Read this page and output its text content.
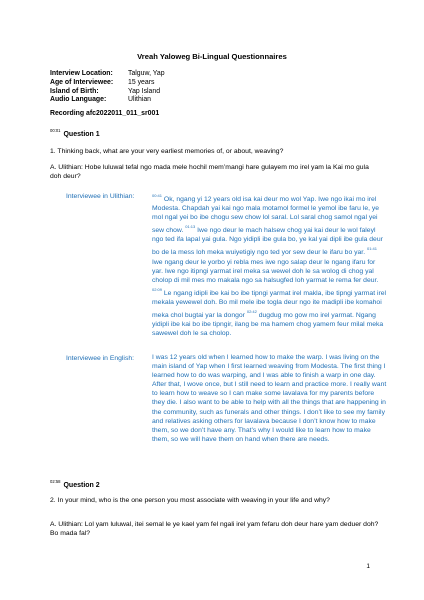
Vreah Yaloweg Bi-Lingual Questionnaires
Interview Location:	Talguw, Yap
Age of Interviewee:	15 years
Island of Birth:	Yap Island
Audio Language:	Ulithian
Recording afc2022011_011_sr001
$^{00:01}$Question 1
1. Thinking back, what are your very earliest memories of, or about, weaving?
A. Ulithian: Hobe luluwal tefal ngo mada mele hochil mem’mangi hare gulayem mo irel yam la Kai mo gula doh deur?
Interviewee in Ulithian:	$^{00:41}$ Ok, ngang yi 12 years old isa kai deur mo wol Yap. Iwe ngo ikai mo irel Modesta. Chapdah yai kai ngo mala motamol formel le yemol ibe faru le, ye mol ngal yei bo ibe chogu sew chow lol saral. Lol saral chog samol ngal yei sew chow. $^{01:13}$ Iwe ngo deur le mach halsew chog yai kai deur le wol faleyl ngo ted ifa lapal yai gula. Ngo yidipli ibe gula bo, ye kal yai dipli ibe gula deur bo de la mess loh meka wuiyetigiy ngo ted yor sew deur le ifaru bo yar. $^{01:41}$ Iwe ngang deur le yorbo yi rebla mes iwe ngo salap deur le ngang ifaru for yar. Iwe ngo itipngi yarmat irel meka sa wewel doh le sa wolog di chog yal cholop di mil mes mo makala ngo sa halsugfed loh yarmat le rema fer deur. $^{02:09}$ Le ngang idipli ibe kai bo ibe tipngi yarmat irel makla, ibe tipngi yarmat irel mekala yewewel doh. Bo mil mele ibe togla deur ngo ite madipli ibe komahoi meka chol bugtai yar la dongor $^{02:42}$ dugdug mo gow mo irel yarmat. Ngang yidipli ibe kai bo ibe tipngir, ilang be ma hamem chog yamem feur milal meka sawewel doh le sa cholop.
Interviewee in English:	I was 12 years old when I learned how to make the warp. I was living on the main island of Yap when I first learned weaving from Modesta. The first thing I learned how to do was warping, and I was able to finish a warp in one day. After that, I wove once, but I still need to learn and practice more. I really want to learn how to weave so I can make some lavalava for my parents before they die. I also want to be able to help with all the things that are happening in the community, such as funerals and other things. I don’t like to see my family and relatives asking others for lavalava because I don’t know how to make them, so we don’t have any. That’s why I would like to learn how to make them, so we will have them on hand when there are needs.
$^{02:58}$Question 2
2. In your mind, who is the one person you most associate with weaving in your life and why?
A. Ulithian: Lol yam luluwal, itei semal le ye kael yam fel ngali irel yam fefaru doh deur hare yam deduer doh? Bo mada fal?
1
